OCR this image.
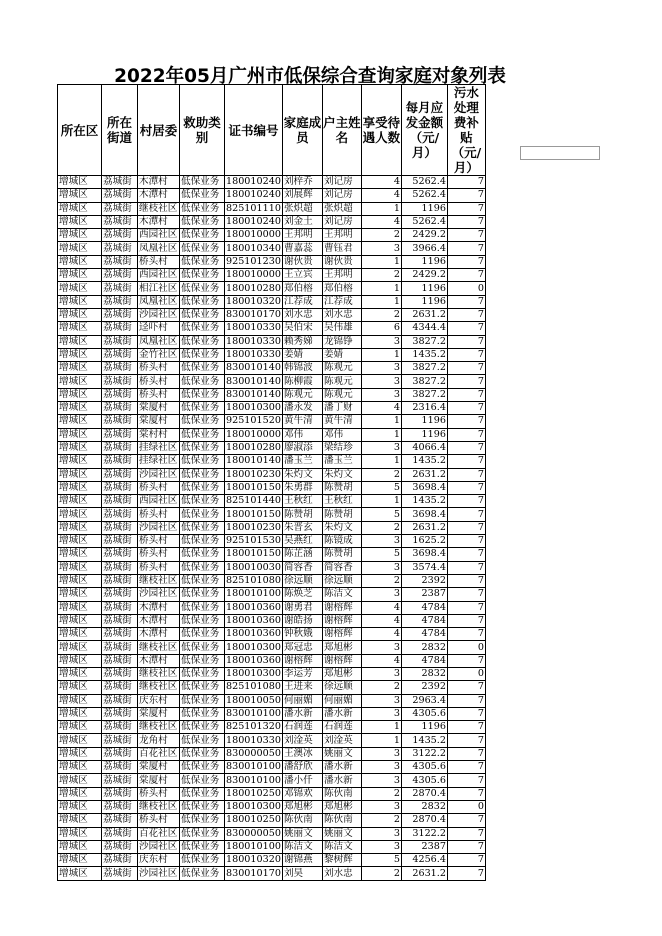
2022年05月广州市低保综合查询家庭对象列表
所在区	所在街道	村居委	救助类别	证书编号	家庭成员	户主姓名	享受待遇人数	每月应发金额（元/月）	污水处理费补贴（元/月）
增城区	荔城街	木潭村	低保业务	180010240	刘梓乔	刘记房	4	5262.4	7
增城区	荔城街	木潭村	低保业务	180010240	刘展辉	刘记房	4	5262.4	7
增城区	荔城街	继枝社区	低保业务	825101110	张炽超	张炽超	1	1196	7
增城区	荔城街	木潭村	低保业务	180010240	刘金土	刘记房	4	5262.4	7
增城区	荔城街	西园社区	低保业务	180010000	王邦明	王邦明	2	2429.2	7
增城区	荔城街	凤凰社区	低保业务	180010340	曹嘉蕊	曹钰君	3	3966.4	7
增城区	荔城街	桥头村	低保业务	925101230	谢伙贵	谢伙贵	1	1196	7
增城区	荔城街	西园社区	低保业务	180010000	王立宾	王邦明	2	2429.2	7
增城区	荔城街	相江社区	低保业务	180010280	郑伯榕	郑伯榕	1	1196	0
增城区	荔城街	凤凰社区	低保业务	180010320	江荐成	江荐成	1	1196	7
增城区	荔城街	沙园社区	低保业务	830010170	刘水忠	刘水忠	2	2631.2	7
增城区	荔城街	迳吓村	低保业务	180010330	吴伯宋	吴伟雄	6	4344.4	7
增城区	荔城街	凤凰社区	低保业务	180010330	赖秀娣	龙锦铮	3	3827.2	7
增城区	荔城街	金竹社区	低保业务	180010330	姜婧	姜婧	1	1435.2	7
增城区	荔城街	桥头村	低保业务	830010140	韩锦波	陈观元	3	3827.2	7
增城区	荔城街	桥头村	低保业务	830010140	陈柳霞	陈观元	3	3827.2	7
增城区	荔城街	桥头村	低保业务	830010140	陈观元	陈观元	3	3827.2	7
增城区	荔城街	棠厦村	低保业务	180010300	潘永发	潘丁财	4	2316.4	7
增城区	荔城街	棠厦村	低保业务	925101520	黄牛清	黄牛清	1	1196	7
增城区	荔城街	棠村村	低保业务	180010000	邓伟	邓伟	1	1196	7
增城区	荔城街	挂绿社区	低保业务	180010280	廖淑添	梁结珍	3	4066.4	7
增城区	荔城街	挂绿社区	低保业务	180010140	潘玉兰	潘玉兰	1	1435.2	7
增城区	荔城街	沙园社区	低保业务	180010230	朱灼文	朱灼文	2	2631.2	7
增城区	荔城街	桥头村	低保业务	180010150	朱勇群	陈赞胡	5	3698.4	7
增城区	荔城街	西园社区	低保业务	825101440	王秋红	王秋红	1	1435.2	7
增城区	荔城街	桥头村	低保业务	180010150	陈赞胡	陈赞胡	5	3698.4	7
增城区	荔城街	沙园社区	低保业务	180010230	朱晋玄	朱灼文	2	2631.2	7
增城区	荔城街	桥头村	低保业务	925101530	吴燕红	陈镜成	3	1625.2	7
增城区	荔城街	桥头村	低保业务	180010150	陈芷涵	陈赞胡	5	3698.4	7
增城区	荔城街	桥头村	低保业务	180010030	简容香	简容香	3	3574.4	7
增城区	荔城街	继枝社区	低保业务	825101080	徐远顺	徐远顺	2	2392	7
增城区	荔城街	沙园社区	低保业务	180010100	陈焕芝	陈洁文	3	2387	7
增城区	荔城街	木潭村	低保业务	180010360	谢勇君	谢榕辉	4	4784	7
增城区	荔城街	木潭村	低保业务	180010360	谢皓扬	谢榕辉	4	4784	7
增城区	荔城街	木潭村	低保业务	180010360	钟秋娥	谢榕辉	4	4784	7
增城区	荔城街	继枝社区	低保业务	180010300	郑冠忠	郑旭彬	3	2832	0
增城区	荔城街	木潭村	低保业务	180010360	谢榕辉	谢榕辉	4	4784	7
增城区	荔城街	继枝社区	低保业务	180010300	李运芳	郑旭彬	3	2832	0
增城区	荔城街	继枝社区	低保业务	825101080	王进来	徐远顺	2	2392	7
增城区	荔城街	庆东村	低保业务	180010050	何丽媚	何丽媚	3	2963.4	7
增城区	荔城街	棠厦村	低保业务	830010100	潘水新	潘水新	3	4305.6	7
增城区	荔城街	继枝社区	低保业务	825101320	石润莲	石润莲	1	1196	7
增城区	荔城街	龙角村	低保业务	180010330	刘淦英	刘淦英	1	1435.2	7
增城区	荔城街	百花社区	低保业务	830000050	王澳冰	姚丽文	3	3122.2	7
增城区	荔城街	棠厦村	低保业务	830010100	潘舒欣	潘水新	3	4305.6	7
增城区	荔城街	棠厦村	低保业务	830010100	潘小仟	潘水新	3	4305.6	7
增城区	荔城街	桥头村	低保业务	180010250	邓锦欢	陈伙南	2	2870.4	7
增城区	荔城街	继枝社区	低保业务	180010300	郑旭彬	郑旭彬	3	2832	0
增城区	荔城街	桥头村	低保业务	180010250	陈伙南	陈伙南	2	2870.4	7
增城区	荔城街	百花社区	低保业务	830000050	姚丽文	姚丽文	3	3122.2	7
增城区	荔城街	沙园社区	低保业务	180010100	陈洁文	陈洁文	3	2387	7
增城区	荔城街	庆东村	低保业务	180010320	谢锦燕	黎树辉	5	4256.4	7
增城区	荔城街	沙园社区	低保业务	830010170	刘昊	刘水忠	2	2631.2	7
